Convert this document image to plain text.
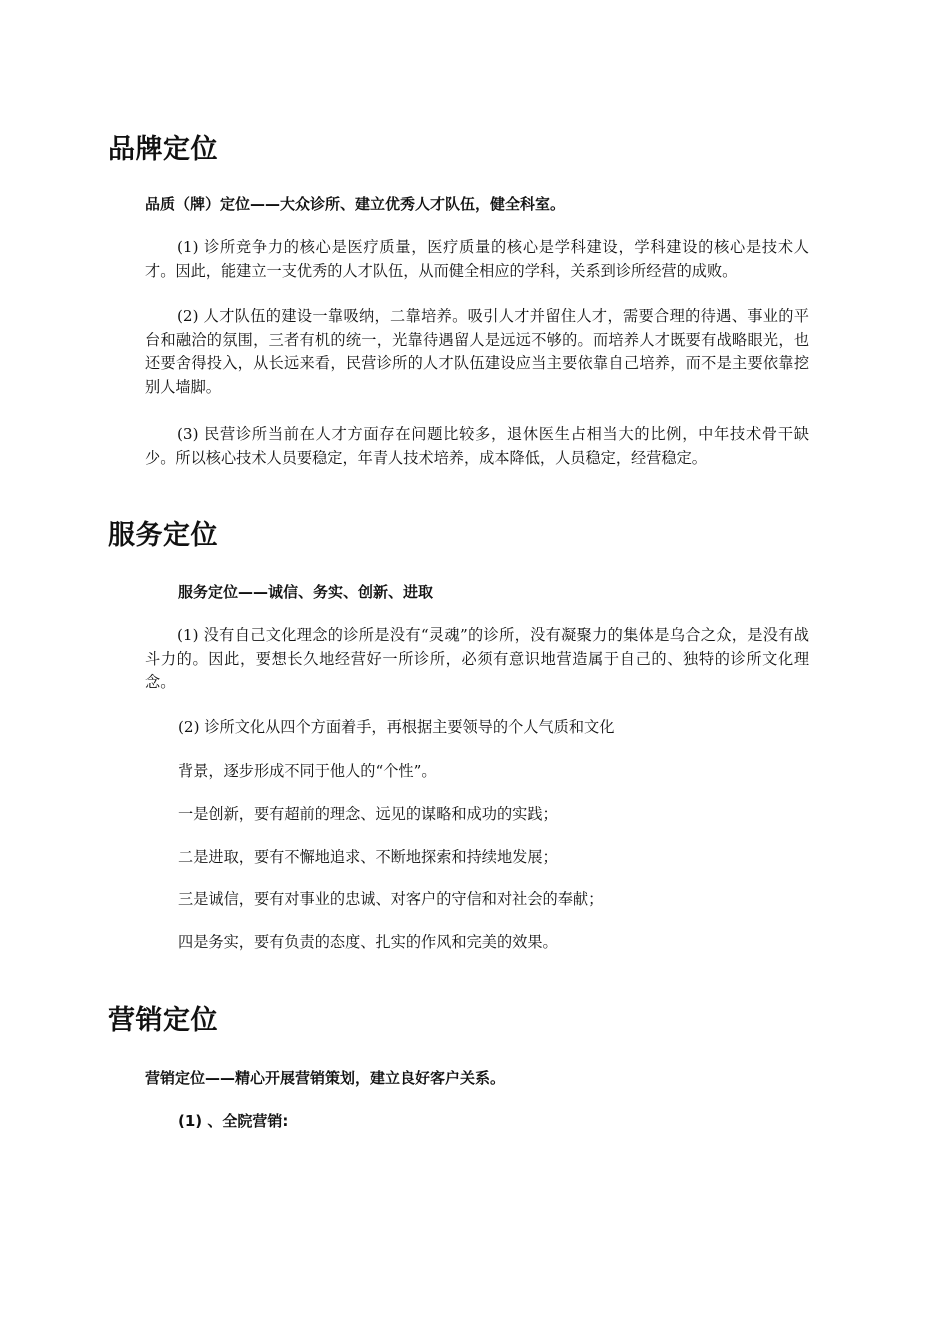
品牌定位
品质（牌）定位——大众诊所、建立优秀人才队伍，健全科室。
(1) 诊所竞争力的核心是医疗质量，医疗质量的核心是学科建设，学科建设的核心是技术人才。因此，能建立一支优秀的人才队伍，从而健全相应的学科，关系到诊所经营的成败。
(2) 人才队伍的建设一靠吸纳，二靠培养。吸引人才并留住人才，需要合理的待遇、事业的平台和融洽的氛围，三者有机的统一，光靠待遇留人是远远不够的。而培养人才既要有战略眼光，也还要舍得投入，从长远来看，民营诊所的人才队伍建设应当主要依靠自己培养，而不是主要依靠挖别人墙脚。
(3) 民营诊所当前在人才方面存在问题比较多，退休医生占相当大的比例，中年技术骨干缺少。所以核心技术人员要稳定，年青人技术培养，成本降低，人员稳定，经营稳定。
服务定位
服务定位——诚信、务实、创新、进取
(1) 没有自己文化理念的诊所是没有“灵魂”的诊所，没有凝聚力的集体是乌合之众，是没有战斗力的。因此，要想长久地经营好一所诊所，必须有意识地营造属于自己的、独特的诊所文化理念。
(2) 诊所文化从四个方面着手，再根据主要领导的个人气质和文化
背景，逐步形成不同于他人的“个性”。
一是创新，要有超前的理念、远见的谋略和成功的实践；
二是进取，要有不懈地追求、不断地探索和持续地发展；
三是诚信，要有对事业的忠诚、对客户的守信和对社会的奉献；
四是务实，要有负责的态度、扎实的作风和完美的效果。
营销定位
营销定位——精心开展营销策划，建立良好客户关系。
(1) 、全院营销:
